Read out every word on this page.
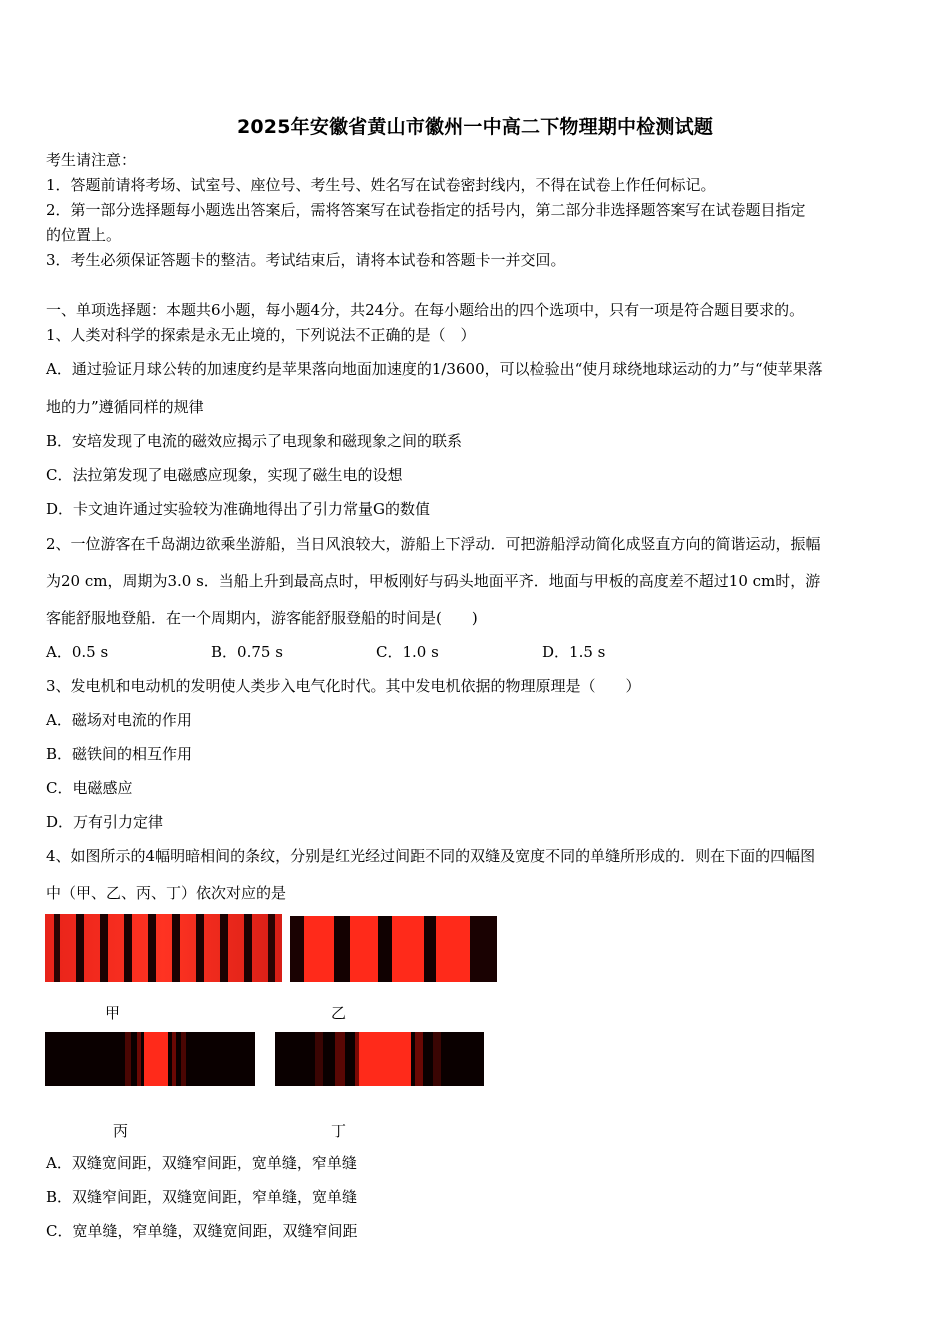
2025年安徽省黄山市徽州一中高二下物理期中检测试题
考生请注意：
1．答题前请将考场、试室号、座位号、考生号、姓名写在试卷密封线内，不得在试卷上作任何标记。
2．第一部分选择题每小题选出答案后，需将答案写在试卷指定的括号内，第二部分非选择题答案写在试卷题目指定
的位置上。
3．考生必须保证答题卡的整洁。考试结束后，请将本试卷和答题卡一并交回。
一、单项选择题：本题共6小题，每小题4分，共24分。在每小题给出的四个选项中，只有一项是符合题目要求的。
1、人类对科学的探索是永无止境的，下列说法不正确的是（　）
A．通过验证月球公转的加速度约是苹果落向地面加速度的1/3600，可以检验出“使月球绕地球运动的力”与“使苹果落
地的力”遵循同样的规律
B．安培发现了电流的磁效应揭示了电现象和磁现象之间的联系
C．法拉第发现了电磁感应现象，实现了磁生电的设想
D．卡文迪许通过实验较为准确地得出了引力常量G的数值
2、一位游客在千岛湖边欲乘坐游船，当日风浪较大，游船上下浮动．可把游船浮动简化成竖直方向的简谐运动，振幅
为20 cm，周期为3.0 s．当船上升到最高点时，甲板刚好与码头地面平齐．地面与甲板的高度差不超过10 cm时，游
客能舒服地登船．在一个周期内，游客能舒服登船的时间是(　　)
A．0.5 s	B．0.75 s	C．1.0 s	D．1.5 s
3、发电机和电动机的发明使人类步入电气化时代。其中发电机依据的物理原理是（　　）
A．磁场对电流的作用
B．磁铁间的相互作用
C．电磁感应
D．万有引力定律
4、如图所示的4幅明暗相间的条纹，分别是红光经过间距不同的双缝及宽度不同的单缝所形成的．则在下面的四幅图
中（甲、乙、丙、丁）依次对应的是
甲	乙
丙	丁
A．双缝宽间距，双缝窄间距，宽单缝，窄单缝
B．双缝窄间距，双缝宽间距，窄单缝，宽单缝
C．宽单缝，窄单缝，双缝宽间距，双缝窄间距
